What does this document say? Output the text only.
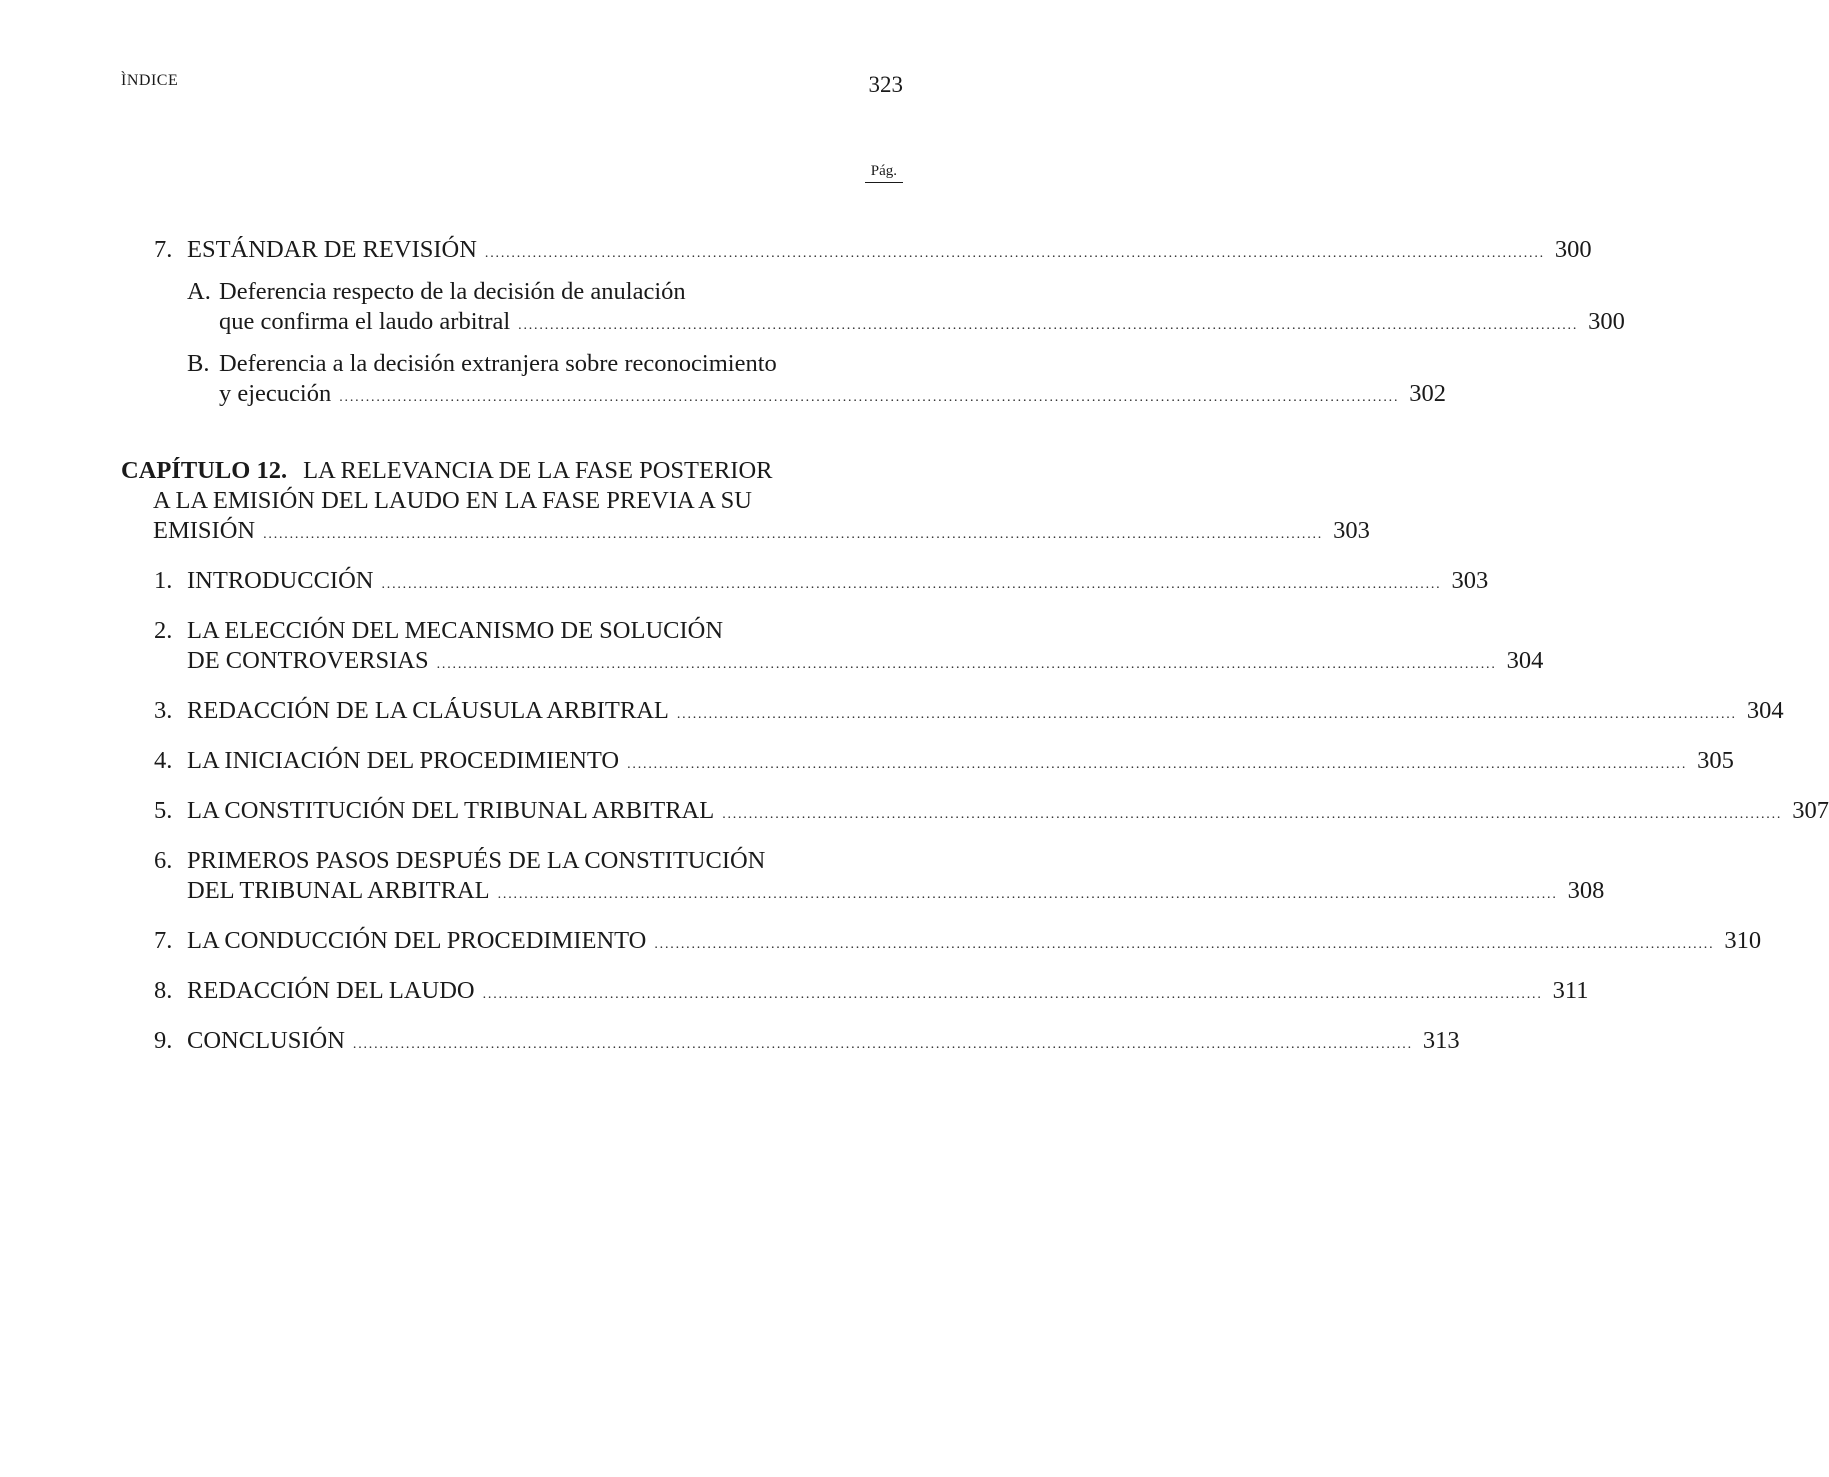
ÌNDICE	323
Pág.
7. ESTÁNDAR DE REVISIÓN ........................................................................................................................................................................................................ 300
A. Deferencia respecto de la decisión de anulación
que confirma el laudo arbitral ........................................................................................................................................................................................................ 300
B. Deferencia a la decisión extranjera sobre reconocimiento
y ejecución ........................................................................................................................................................................................................ 302
CAPÍTULO 12. LA RELEVANCIA DE LA FASE POSTERIOR
A LA EMISIÓN DEL LAUDO EN LA FASE PREVIA A SU
EMISIÓN ........................................................................................................................................................................................................ 303
1. INTRODUCCIÓN ........................................................................................................................................................................................................ 303
2. LA ELECCIÓN DEL MECANISMO DE SOLUCIÓN
DE CONTROVERSIAS ........................................................................................................................................................................................................ 304
3. REDACCIÓN DE LA CLÁUSULA ARBITRAL ........................................................................................................................................................................................................ 304
4. LA INICIACIÓN DEL PROCEDIMIENTO ........................................................................................................................................................................................................ 305
5. LA CONSTITUCIÓN DEL TRIBUNAL ARBITRAL ........................................................................................................................................................................................................ 307
6. PRIMEROS PASOS DESPUÉS DE LA CONSTITUCIÓN
DEL TRIBUNAL ARBITRAL ........................................................................................................................................................................................................ 308
7. LA CONDUCCIÓN DEL PROCEDIMIENTO ........................................................................................................................................................................................................ 310
8. REDACCIÓN DEL LAUDO ........................................................................................................................................................................................................ 311
9. CONCLUSIÓN ........................................................................................................................................................................................................ 313
